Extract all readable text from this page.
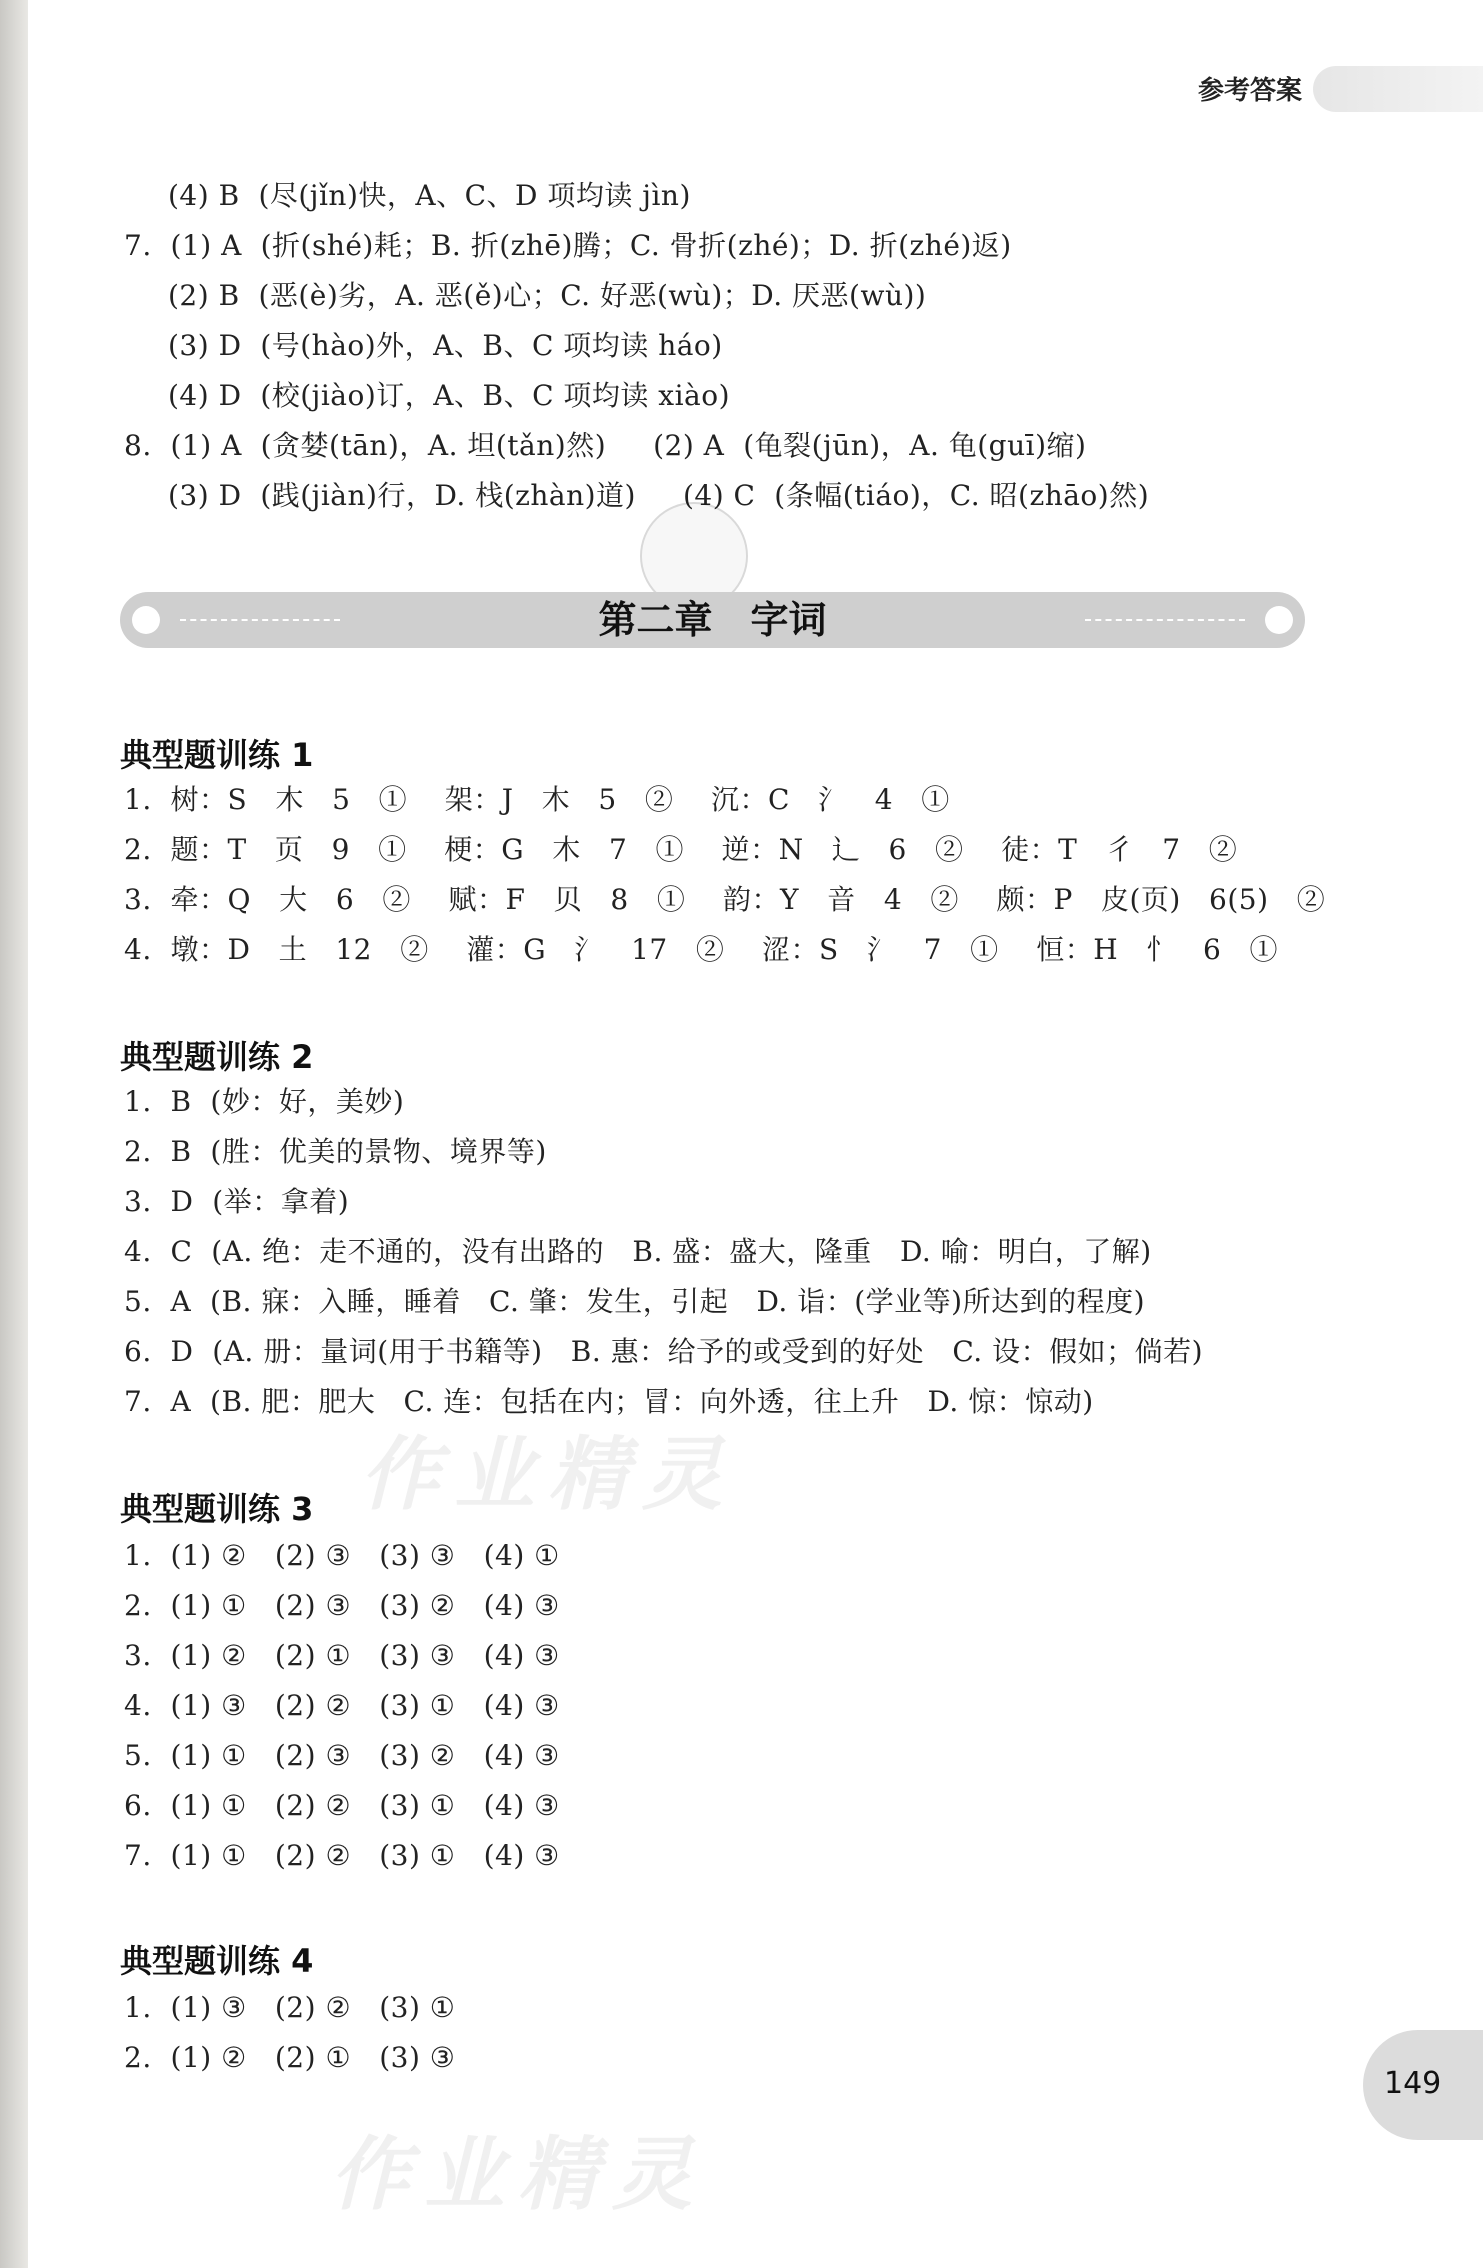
参考答案
(4) B  (尽(jǐn)快，A、C、D 项均读 jìn)
7.  (1) A  (折(shé)耗；B. 折(zhē)腾；C. 骨折(zhé)；D. 折(zhé)返)
(2) B  (恶(è)劣，A. 恶(ě)心；C. 好恶(wù)；D. 厌恶(wù))
(3) D  (号(hào)外，A、B、C 项均读 háo)
(4) D  (校(jiào)订，A、B、C 项均读 xiào)
8.  (1) A  (贪婪(tān)，A. 坦(tǎn)然)     (2) A  (龟裂(jūn)，A. 龟(guī)缩)
(3) D  (践(jiàn)行，D. 栈(zhàn)道)     (4) C  (条幅(tiáo)，C. 昭(zhāo)然)
第二章　字词
典型题训练 1
1.  树：S   木   5   ①    架：J   木   5   ②    沉：C   氵   4   ①
2.  题：T   页   9   ①    梗：G   木   7   ①    逆：N   辶   6   ②    徒：T   彳   7   ②
3.  牵：Q   大   6   ②    赋：F   贝   8   ①    韵：Y   音   4   ②    颇：P   皮(页)   6(5)   ②
4.  墩：D   土   12   ②    灌：G   氵   17   ②    涩：S   氵   7   ①    恒：H   忄   6   ①
典型题训练 2
1.  B  (妙：好，美妙)
2.  B  (胜：优美的景物、境界等)
3.  D  (举：拿着)
4.  C  (A. 绝：走不通的，没有出路的   B. 盛：盛大，隆重   D. 喻：明白，了解)
5.  A  (B. 寐：入睡，睡着   C. 肇：发生，引起   D. 诣：(学业等)所达到的程度)
6.  D  (A. 册：量词(用于书籍等)   B. 惠：给予的或受到的好处   C. 设：假如；倘若)
7.  A  (B. 肥：肥大   C. 连：包括在内；冒：向外透，往上升   D. 惊：惊动)
作业精灵
典型题训练 3
1.  (1) ②   (2) ③   (3) ③   (4) ①
2.  (1) ①   (2) ③   (3) ②   (4) ③
3.  (1) ②   (2) ①   (3) ③   (4) ③
4.  (1) ③   (2) ②   (3) ①   (4) ③
5.  (1) ①   (2) ③   (3) ②   (4) ③
6.  (1) ①   (2) ②   (3) ①   (4) ③
7.  (1) ①   (2) ②   (3) ①   (4) ③
典型题训练 4
1.  (1) ③   (2) ②   (3) ①
2.  (1) ②   (2) ①   (3) ③
作业精灵
149
